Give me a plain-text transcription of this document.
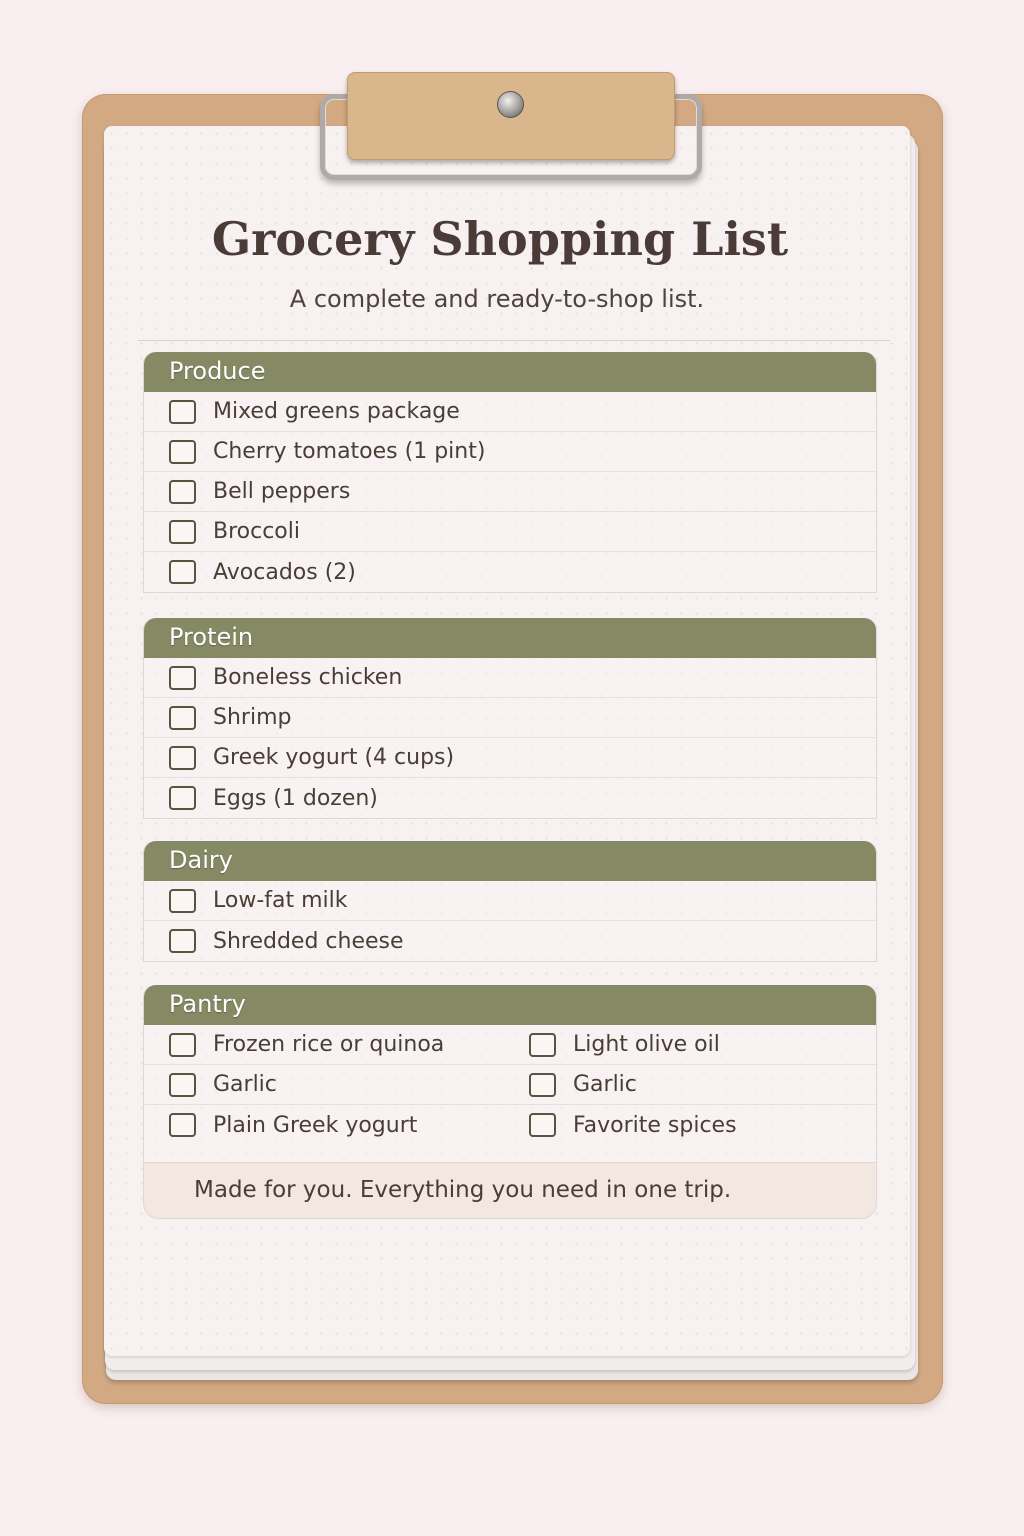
Grocery Shopping List
A complete and ready-to-shop list.
Produce
Mixed greens package
Cherry tomatoes (1 pint)
Bell peppers
Broccoli
Avocados (2)
Protein
Boneless chicken
Shrimp
Greek yogurt (4 cups)
Eggs (1 dozen)
Dairy
Low-fat milk
Shredded cheese
Pantry
Frozen rice or quinoa	Light olive oil
Garlic	Garlic
Plain Greek yogurt	Favorite spices
Made for you. Everything you need in one trip.
